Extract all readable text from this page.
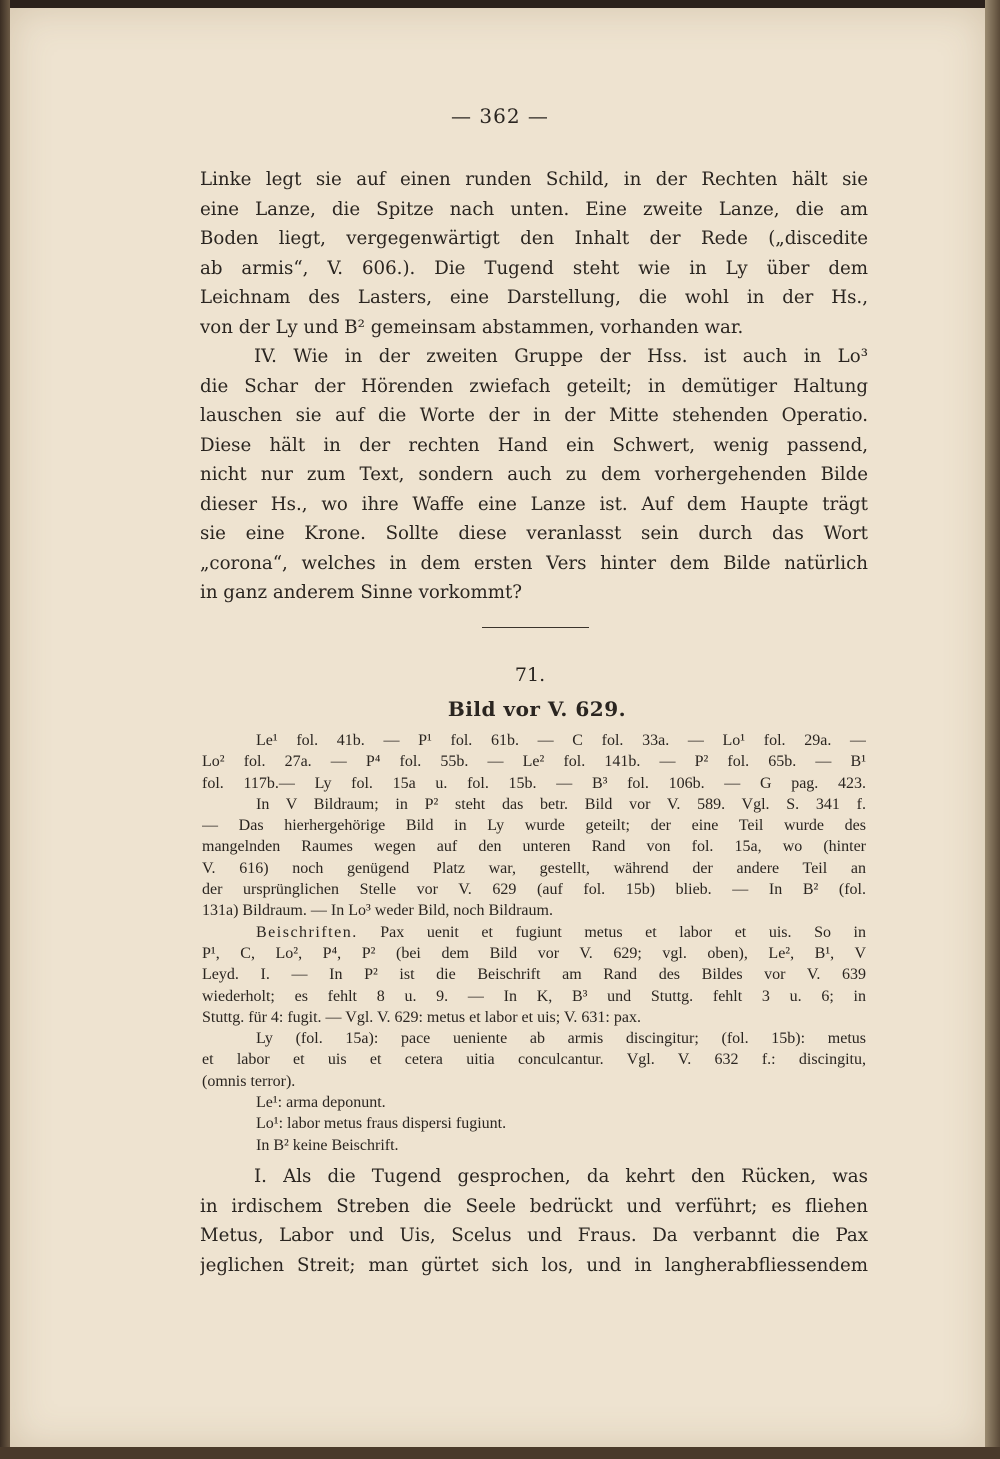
— 362 —
Linke legt sie auf einen runden Schild, in der Rechten hält sie
eine Lanze, die Spitze nach unten. Eine zweite Lanze, die am
Boden liegt, vergegenwärtigt den Inhalt der Rede („discedite
ab armis“, V. 606.). Die Tugend steht wie in Ly über dem
Leichnam des Lasters, eine Darstellung, die wohl in der Hs.,
von der Ly und B² gemeinsam abstammen, vorhanden war.
IV. Wie in der zweiten Gruppe der Hss. ist auch in Lo³
die Schar der Hörenden zwiefach geteilt; in demütiger Haltung
lauschen sie auf die Worte der in der Mitte stehenden Operatio.
Diese hält in der rechten Hand ein Schwert, wenig passend,
nicht nur zum Text, sondern auch zu dem vorhergehenden Bilde
dieser Hs., wo ihre Waffe eine Lanze ist. Auf dem Haupte trägt
sie eine Krone. Sollte diese veranlasst sein durch das Wort
„corona“, welches in dem ersten Vers hinter dem Bilde natürlich
in ganz anderem Sinne vorkommt?
71.
Bild vor V. 629.
Le¹ fol. 41b. — P¹ fol. 61b. — C fol. 33a. — Lo¹ fol. 29a. —
Lo² fol. 27a. — P⁴ fol. 55b. — Le² fol. 141b. — P² fol. 65b. — B¹
fol. 117b.— Ly fol. 15a u. fol. 15b. — B³ fol. 106b. — G pag. 423.
In V Bildraum; in P² steht das betr. Bild vor V. 589. Vgl. S. 341 f.
— Das hierhergehörige Bild in Ly wurde geteilt; der eine Teil wurde des
mangelnden Raumes wegen auf den unteren Rand von fol. 15a, wo (hinter
V. 616) noch genügend Platz war, gestellt, während der andere Teil an
der ursprünglichen Stelle vor V. 629 (auf fol. 15b) blieb. — In B² (fol.
131a) Bildraum. — In Lo³ weder Bild, noch Bildraum.
Beischriften. Pax uenit et fugiunt metus et labor et uis. So in
P¹, C, Lo², P⁴, P² (bei dem Bild vor V. 629; vgl. oben), Le², B¹, V
Leyd. I. — In P² ist die Beischrift am Rand des Bildes vor V. 639
wiederholt; es fehlt 8 u. 9. — In K, B³ und Stuttg. fehlt 3 u. 6; in
Stuttg. für 4: fugit. — Vgl. V. 629: metus et labor et uis; V. 631: pax.
Ly (fol. 15a): pace ueniente ab armis discingitur; (fol. 15b): metus
et labor et uis et cetera uitia conculcantur. Vgl. V. 632 f.: discingitu,
(omnis terror).
Le¹: arma deponunt.
Lo¹: labor metus fraus dispersi fugiunt.
In B² keine Beischrift.
I. Als die Tugend gesprochen, da kehrt den Rücken, was
in irdischem Streben die Seele bedrückt und verführt; es fliehen
Metus, Labor und Uis, Scelus und Fraus. Da verbannt die Pax
jeglichen Streit; man gürtet sich los, und in langherabfliessendem
